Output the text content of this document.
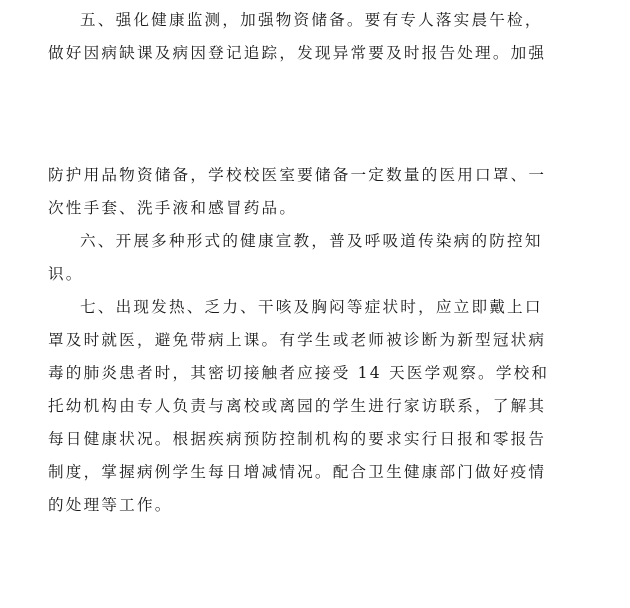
五、强化健康监测，加强物资储备。要有专人落实晨午检，
做好因病缺课及病因登记追踪，发现异常要及时报告处理。加强
防护用品物资储备，学校校医室要储备一定数量的医用口罩、一
次性手套、洗手液和感冒药品。
六、开展多种形式的健康宣教，普及呼吸道传染病的防控知
识。
七、出现发热、乏力、干咳及胸闷等症状时，应立即戴上口
罩及时就医，避免带病上课。有学生或老师被诊断为新型冠状病
毒的肺炎患者时，其密切接触者应接受 14 天医学观察。学校和
托幼机构由专人负责与离校或离园的学生进行家访联系，了解其
每日健康状况。根据疾病预防控制机构的要求实行日报和零报告
制度，掌握病例学生每日增减情况。配合卫生健康部门做好疫情
的处理等工作。
